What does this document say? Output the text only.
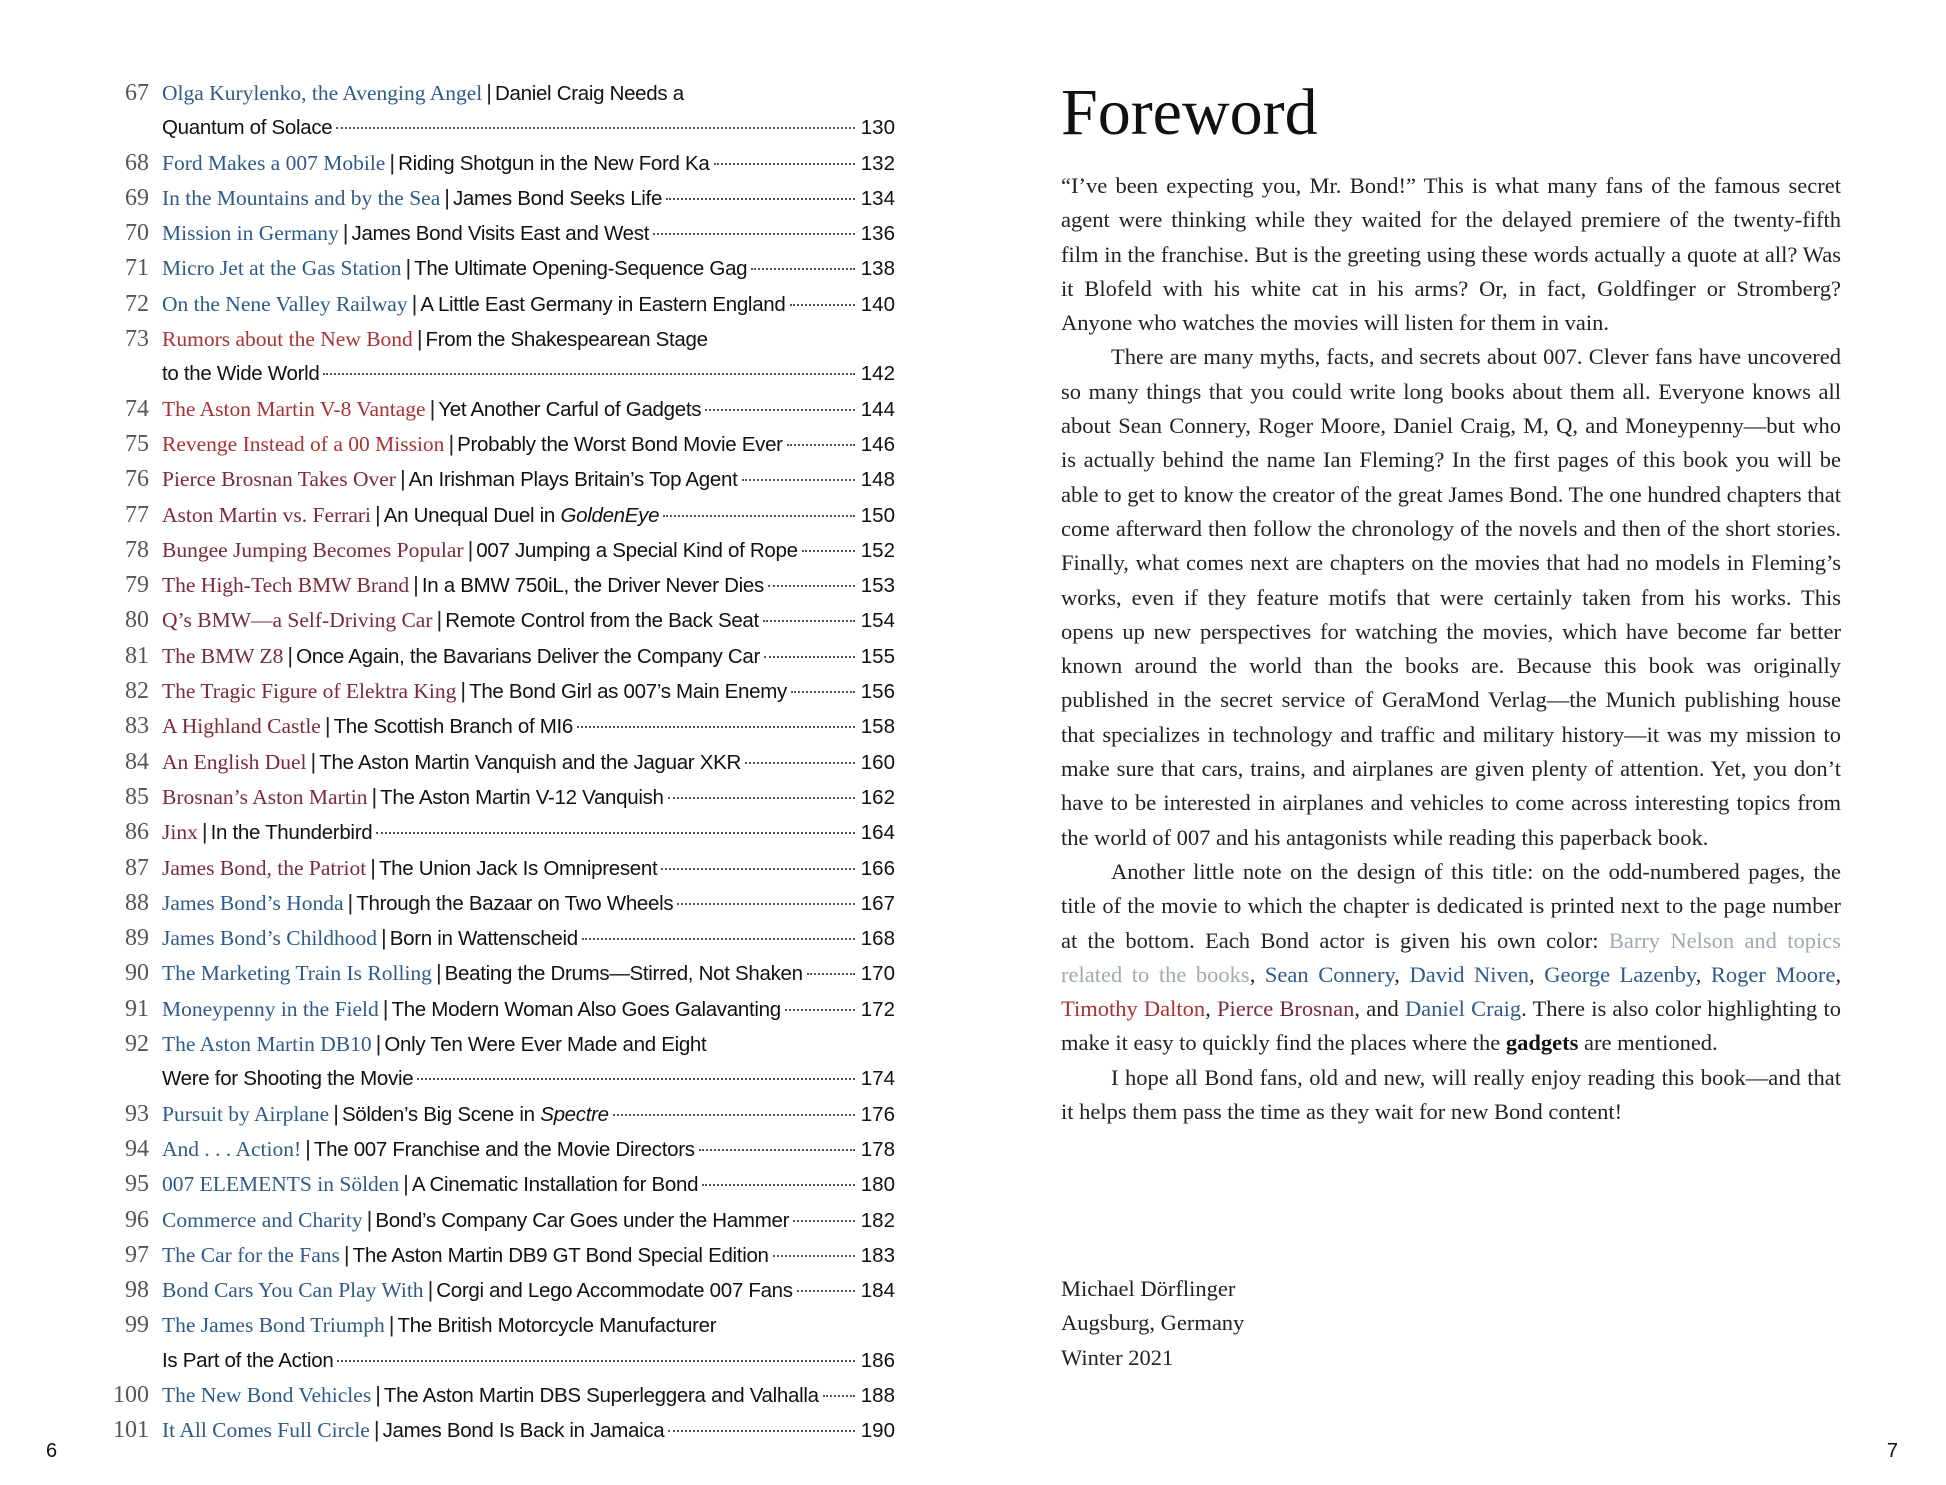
67 Olga Kurylenko, the Avenging Angel | Daniel Craig Needs a
Quantum of Solace	130
68 Ford Makes a 007 Mobile | Riding Shotgun in the New Ford Ka	132
69 In the Mountains and by the Sea | James Bond Seeks Life	134
70 Mission in Germany | James Bond Visits East and West	136
71 Micro Jet at the Gas Station | The Ultimate Opening-Sequence Gag	138
72 On the Nene Valley Railway | A Little East Germany in Eastern England	140
73 Rumors about the New Bond | From the Shakespearean Stage
to the Wide World	142
74 The Aston Martin V-8 Vantage | Yet Another Carful of Gadgets	144
75 Revenge Instead of a 00 Mission | Probably the Worst Bond Movie Ever	146
76 Pierce Brosnan Takes Over | An Irishman Plays Britain’s Top Agent	148
77 Aston Martin vs. Ferrari | An Unequal Duel in
GoldenEye	150
78 Bungee Jumping Becomes Popular | 007 Jumping a Special Kind of Rope	152
79 The High-Tech BMW Brand | In a BMW 750iL, the Driver Never Dies	153
80 Q’s BMW—a Self-Driving Car | Remote Control from the Back Seat	154
81 The BMW Z8 | Once Again, the Bavarians Deliver the Company Car	155
82 The Tragic Figure of Elektra King | The Bond Girl as 007’s Main Enemy	156
83 A Highland Castle | The Scottish Branch of MI6	158
84 An English Duel | The Aston Martin Vanquish and the Jaguar XKR	160
85 Brosnan’s Aston Martin | The Aston Martin V-12 Vanquish	162
86 Jinx | In the Thunderbird	164
87 James Bond, the Patriot | The Union Jack Is Omnipresent	166
88 James Bond’s Honda | Through the Bazaar on Two Wheels	167
89 James Bond’s Childhood | Born in Wattenscheid	168
90 The Marketing Train Is Rolling | Beating the Drums—Stirred, Not Shaken	170
91 Moneypenny in the Field | The Modern Woman Also Goes Galavanting	172
92 The Aston Martin DB10 | Only Ten Were Ever Made and Eight
Were for Shooting the Movie	174
93 Pursuit by Airplane | Sölden’s Big Scene in
Spectre	176
94 And . . . Action! | The 007 Franchise and the Movie Directors	178
95 007 ELEMENTS in Sölden | A Cinematic Installation for Bond	180
96 Commerce and Charity | Bond’s Company Car Goes under the Hammer	182
97 The Car for the Fans | The Aston Martin DB9 GT Bond Special Edition	183
98 Bond Cars You Can Play With | Corgi and Lego Accommodate 007 Fans	184
99 The James Bond Triumph | The British Motorcycle Manufacturer
Is Part of the Action	186
100 The New Bond Vehicles | The Aston Martin DBS Superleggera and Valhalla 188
101 It All Comes Full Circle | James Bond Is Back in Jamaica	190
6
Foreword

“I’ve been expecting you, Mr. Bond!” This is what many fans of the famous secret agent were thinking while they waited for the delayed premiere of the twenty-fifth film in the franchise. But is the greeting using these words actually a quote at all? Was it Blofeld with his white cat in his arms? Or, in fact, Goldfinger or Stromberg? Anyone who watches the movies will listen for them in vain.

There are many myths, facts, and secrets about 007. Clever fans have uncovered so many things that you could write long books about them all. Everyone knows all about Sean Connery, Roger Moore, Daniel Craig, M, Q, and Moneypenny—but who is actually behind the name Ian Fleming? In the first pages of this book you will be able to get to know the creator of the great James Bond. The one hundred chapters that come afterward then follow the chronology of the novels and then of the short stories. Finally, what comes next are chapters on the movies that had no models in Fleming’s works, even if they feature motifs that were certainly taken from his works. This opens up new perspectives for watching the movies, which have become far better known around the world than the books are. Because this book was originally published in the secret service of GeraMond Verlag—the Munich publishing house that specializes in technology and traffic and military history—it was my mission to make sure that cars, trains, and airplanes are given plenty of attention. Yet, you don’t have to be interested in airplanes and vehicles to come across interesting topics from the world of 007 and his antagonists while reading this paperback book.

Another little note on the design of this title: on the odd-numbered pages, the title of the movie to which the chapter is dedicated is printed next to the page number at the bottom. Each Bond actor is given his own color: Barry Nelson and topics related to the books, Sean Connery, David Niven, George Lazenby, Roger Moore, Timothy Dalton, Pierce Brosnan, and Daniel Craig. There is also color highlighting to make it easy to quickly find the places where the gadgets are mentioned.

I hope all Bond fans, old and new, will really enjoy reading this book—and that it helps them pass the time as they wait for new Bond content!

Michael Dörflinger
Augsburg, Germany
Winter 2021
7
